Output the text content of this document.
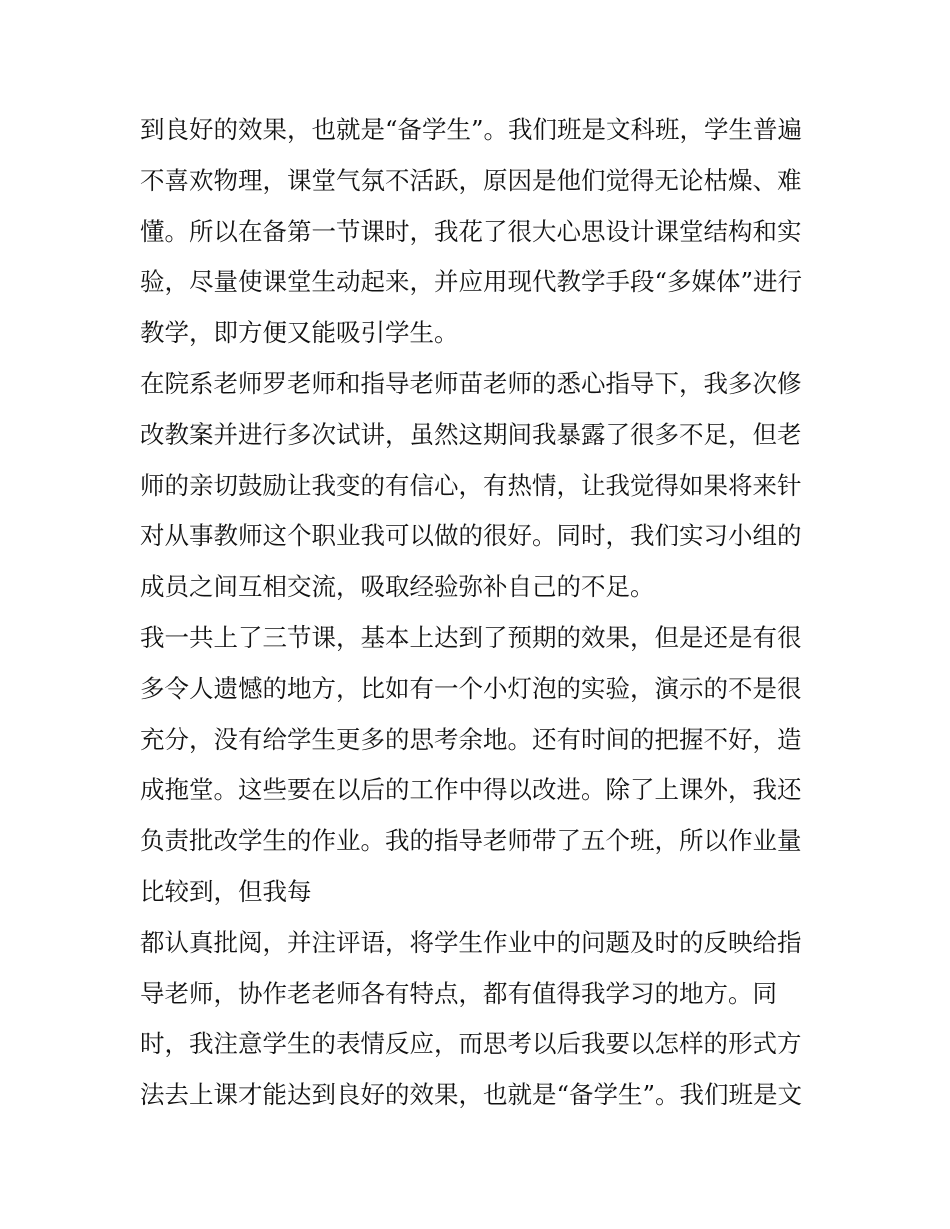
到良好的效果，也就是“备学生”。我们班是文科班，学生普遍
不喜欢物理，课堂气氛不活跃，原因是他们觉得无论枯燥、难
懂。所以在备第一节课时，我花了很大心思设计课堂结构和实
验，尽量使课堂生动起来，并应用现代教学手段“多媒体”进行
教学，即方便又能吸引学生。
在院系老师罗老师和指导老师苗老师的悉心指导下，我多次修
改教案并进行多次试讲，虽然这期间我暴露了很多不足，但老
师的亲切鼓励让我变的有信心，有热情，让我觉得如果将来针
对从事教师这个职业我可以做的很好。同时，我们实习小组的
成员之间互相交流，吸取经验弥补自己的不足。
我一共上了三节课，基本上达到了预期的效果，但是还是有很
多令人遗憾的地方，比如有一个小灯泡的实验，演示的不是很
充分，没有给学生更多的思考余地。还有时间的把握不好，造
成拖堂。这些要在以后的工作中得以改进。除了上课外，我还
负责批改学生的作业。我的指导老师带了五个班，所以作业量
比较到，但我每
都认真批阅，并注评语，将学生作业中的问题及时的反映给指
导老师，协作老老师各有特点，都有值得我学习的地方。同
时，我注意学生的表情反应，而思考以后我要以怎样的形式方
法去上课才能达到良好的效果，也就是“备学生”。我们班是文
